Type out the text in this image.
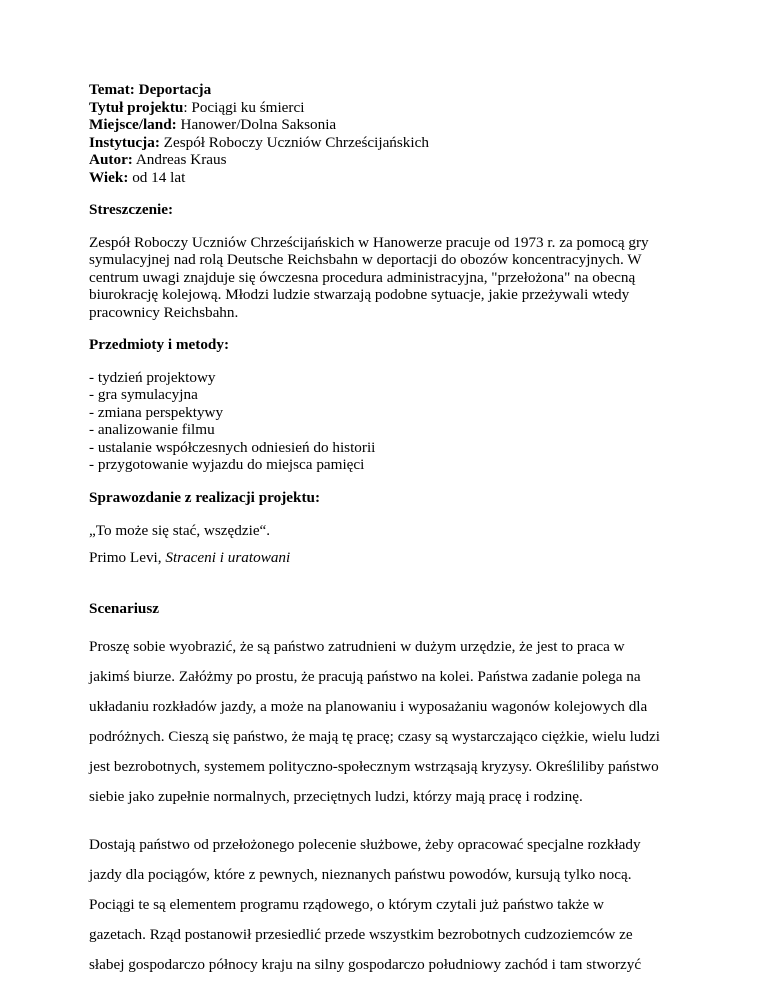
Temat: Deportacja

Tytuł projektu: Pociągi ku śmierci

Miejsce/land: Hanower/Dolna Saksonia

Instytucja: Zespół Roboczy Uczniów Chrześcijańskich

Autor: Andreas Kraus

Wiek: od 14 lat

Streszczenie:

Zespół Roboczy Uczniów Chrześcijańskich w Hanowerze pracuje od 1973 r. za pomocą gry

symulacyjnej nad rolą Deutsche Reichsbahn w deportacji do obozów koncentracyjnych. W

centrum uwagi znajduje się ówczesna procedura administracyjna, "przełożona" na obecną

biurokrację kolejową. Młodzi ludzie stwarzają podobne sytuacje, jakie przeżywali wtedy

pracownicy Reichsbahn.

Przedmioty i metody:

- tydzień projektowy
- gra symulacyjna
- zmiana perspektywy
- analizowanie filmu
- ustalanie współczesnych odniesień do historii
- przygotowanie wyjazdu do miejsca pamięci

Sprawozdanie z realizacji projektu:

„To może się stać, wszędzie“.

Primo Levi, Straceni i uratowani

Scenariusz

Proszę sobie wyobrazić, że są państwo zatrudnieni w dużym urzędzie, że jest to praca w

jakimś biurze. Załóżmy po prostu, że pracują państwo na kolei. Państwa zadanie polega na

układaniu rozkładów jazdy, a może na planowaniu i wyposażaniu wagonów kolejowych dla

podróżnych. Cieszą się państwo, że mają tę pracę; czasy są wystarczająco ciężkie, wielu ludzi

jest bezrobotnych, systemem polityczno-społecznym wstrząsają kryzysy. Określiliby państwo

siebie jako zupełnie normalnych, przeciętnych ludzi, którzy mają pracę i rodzinę.

Dostają państwo od przełożonego polecenie służbowe, żeby opracować specjalne rozkłady

jazdy dla pociągów, które z pewnych, nieznanych państwu powodów, kursują tylko nocą.

Pociągi te są elementem programu rządowego, o którym czytali już państwo także w

gazetach. Rząd postanowił przesiedlić przede wszystkim bezrobotnych cudzoziemców ze

słabej gospodarczo północy kraju na silny gospodarczo południowy zachód i tam stworzyć
